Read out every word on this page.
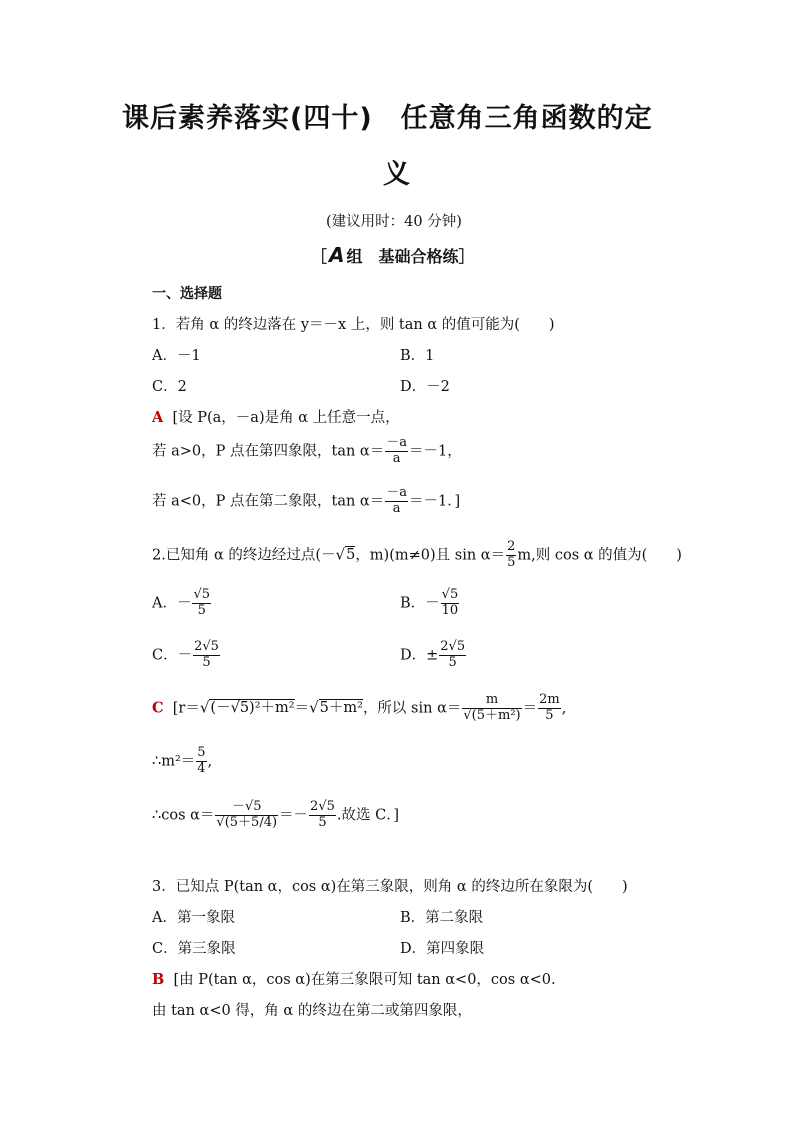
课后素养落实(四十)　任意角三角函数的定
义
(建议用时：40 分钟)
［ A 组　基础合格练］
一、选择题
1．若角 α 的终边落在 y＝－x 上，则 tan α 的值可能为(　　)
A．－1	B．1
C．2	D．－2
A [设 P(a，－a)是角 α 上任意一点，
若 a>0，P 点在第四象限，$\tan \alpha= \frac{-a}{a} =-1$，
若 a<0，P 点在第二象限，$\tan \alpha= \frac{-a}{a} =-1$．]
2.已知角 α 的终边经过点(－√5，m)(m≠0)且 $\sin \alpha= \frac{2}{5} m$,则 cos α 的值为(　　)
A．－ $\frac{√5}{5}$	B．－ $\frac{√5}{10}$
C．－ $\frac{2√5}{5}$	D．± $\frac{2√5}{5}$
C [r＝√(－√5)²＋m²＝√5＋m²，所以 $\sin \alpha= \frac{m}{\text{√(5＋m²)}} = \frac{2m}{5}$ ,
∴m²＝ $\frac{5}{4}$ ,
∴cos $\alpha= \frac{-√5}{√(5+5/4)} =- \frac{2√5}{5}$ .故选 C．]
3．已知点 P(tan α，cos α)在第三象限，则角 α 的终边所在象限为(　　)
A．第一象限	B．第二象限
C．第三象限	D．第四象限
B [由 P(tan α，cos α)在第三象限可知 tan α<0，cos α<0.
由 tan α<0 得，角 α 的终边在第二或第四象限，
